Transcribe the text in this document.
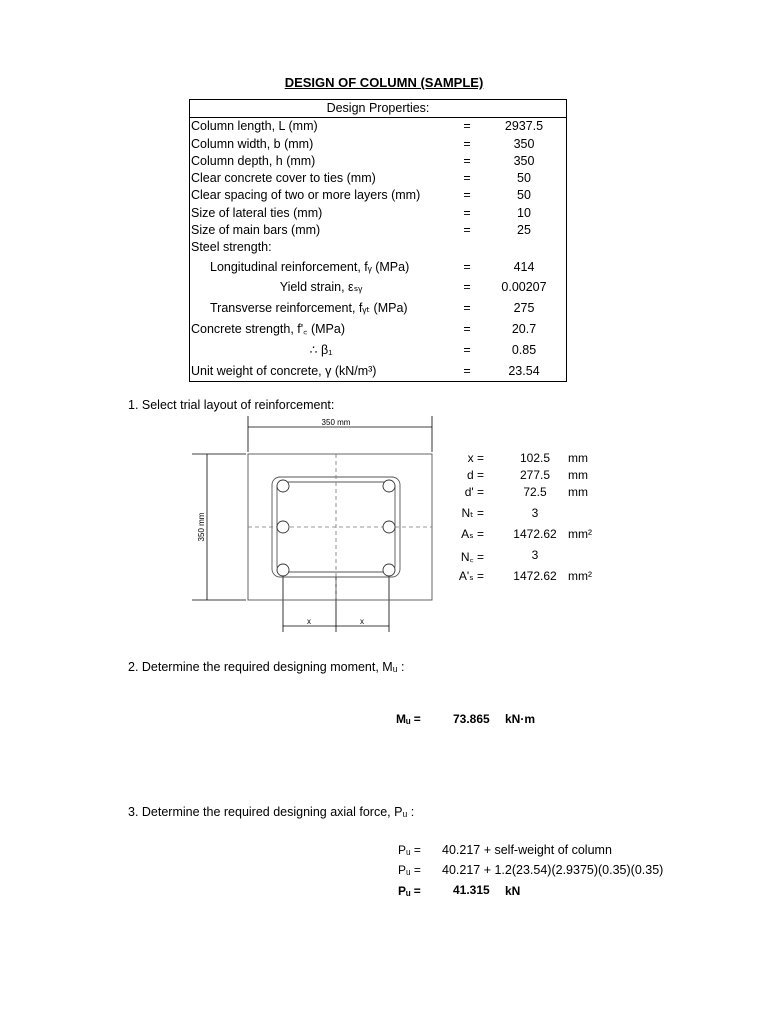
DESIGN OF COLUMN (SAMPLE)
Design Properties:		
Column length, L (mm)	=	2937.5
Column width, b (mm)	=	350
Column depth, h (mm)	=	350
Clear concrete cover to ties (mm)	=	50
Clear spacing of two or more layers (mm)	=	50
Size of lateral ties (mm)	=	10
Size of main bars (mm)	=	25
Steel strength:		
Longitudinal reinforcement, fᵧ (MPa)	=	414
Yield strain, εₛᵧ	=	0.00207
Transverse reinforcement, fᵧₜ (MPa)	=	275
Concrete strength, f'꜀ (MPa)	=	20.7
∴ β₁	=	0.85
Unit weight of concrete, γ (kN/m³)	=	23.54
1. Select trial layout of reinforcement:
350 mm
350 mm
x	x
x =	102.5	mm
d =	277.5	mm
d' =	72.5	mm
Nₜ =	3
Aₛ =	1472.62 mm²
N꜀ =	3
A'ₛ =	1472.62 mm²
2. Determine the required designing moment, Mᵤ :
Mᵤ =	73.865 kN·m
3. Determine the required designing axial force, Pᵤ :
Pᵤ = 40.217 + self-weight of column
Pᵤ = 40.217 + 1.2(23.54)(2.9375)(0.35)(0.35)
Pᵤ =	41.315 kN
